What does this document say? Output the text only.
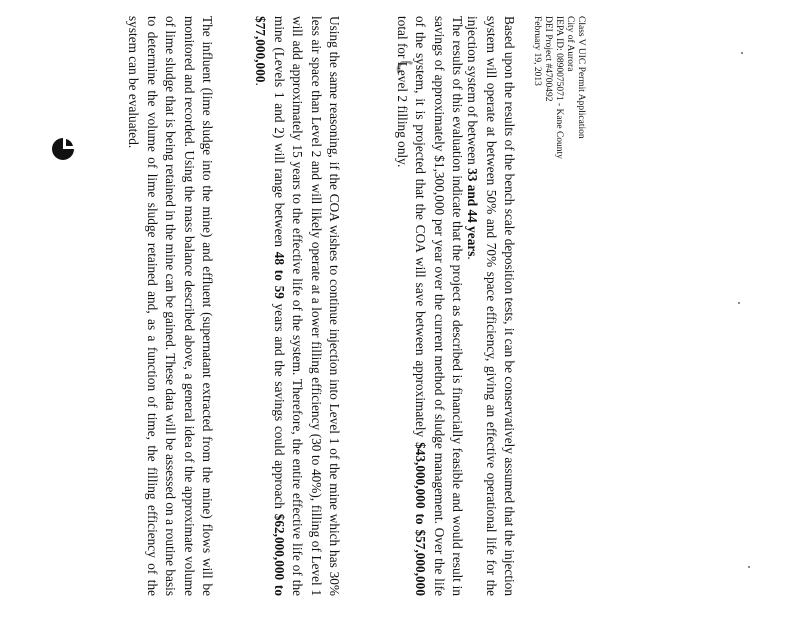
Class V UIC Permit Application
City of Aurora
IEPA ID: 0890075071 - Kane County
DEI Project #4700492
February 19, 2013
Based upon the results of the bench scale deposition tests, it can be conservatively assumed that the injection system will operate at between 50% and 70% space efficiency, giving an effective operational life for the injection system of between 33 and 44 years.
The results of this evaluation indicate that the project as described is financially feasible and would result in savings of approximately $1,300,000 per year over the current method of sludge management. Over the life of the system, it is projected that the COA will save between approximately $43,000,000 to $57,000,000 total for Level 2 filling only.
Using the same reasoning, if the COA wishes to continue injection into Level 1 of the mine which has 30% less air space than Level 2 and will likely operate at a lower filling efficiency (30 to 40%), filling of Level 1 will add approximately 15 years to the effective life of the system. Therefore, the entire effective life of the mine (Levels 1 and 2) will range between 48 to 59 years and the savings could approach $62,000,000 to $77,000,000.
The influent (lime sludge into the mine) and effluent (supernatant extracted from the mine) flows will be monitored and recorded. Using the mass balance described above, a general idea of the approximate volume of lime sludge that is being retained in the mine can be gained. These data will be assessed on a routine basis to determine the volume of lime sludge retained and, as a function of time, the filling efficiency of the system can be evaluated.
